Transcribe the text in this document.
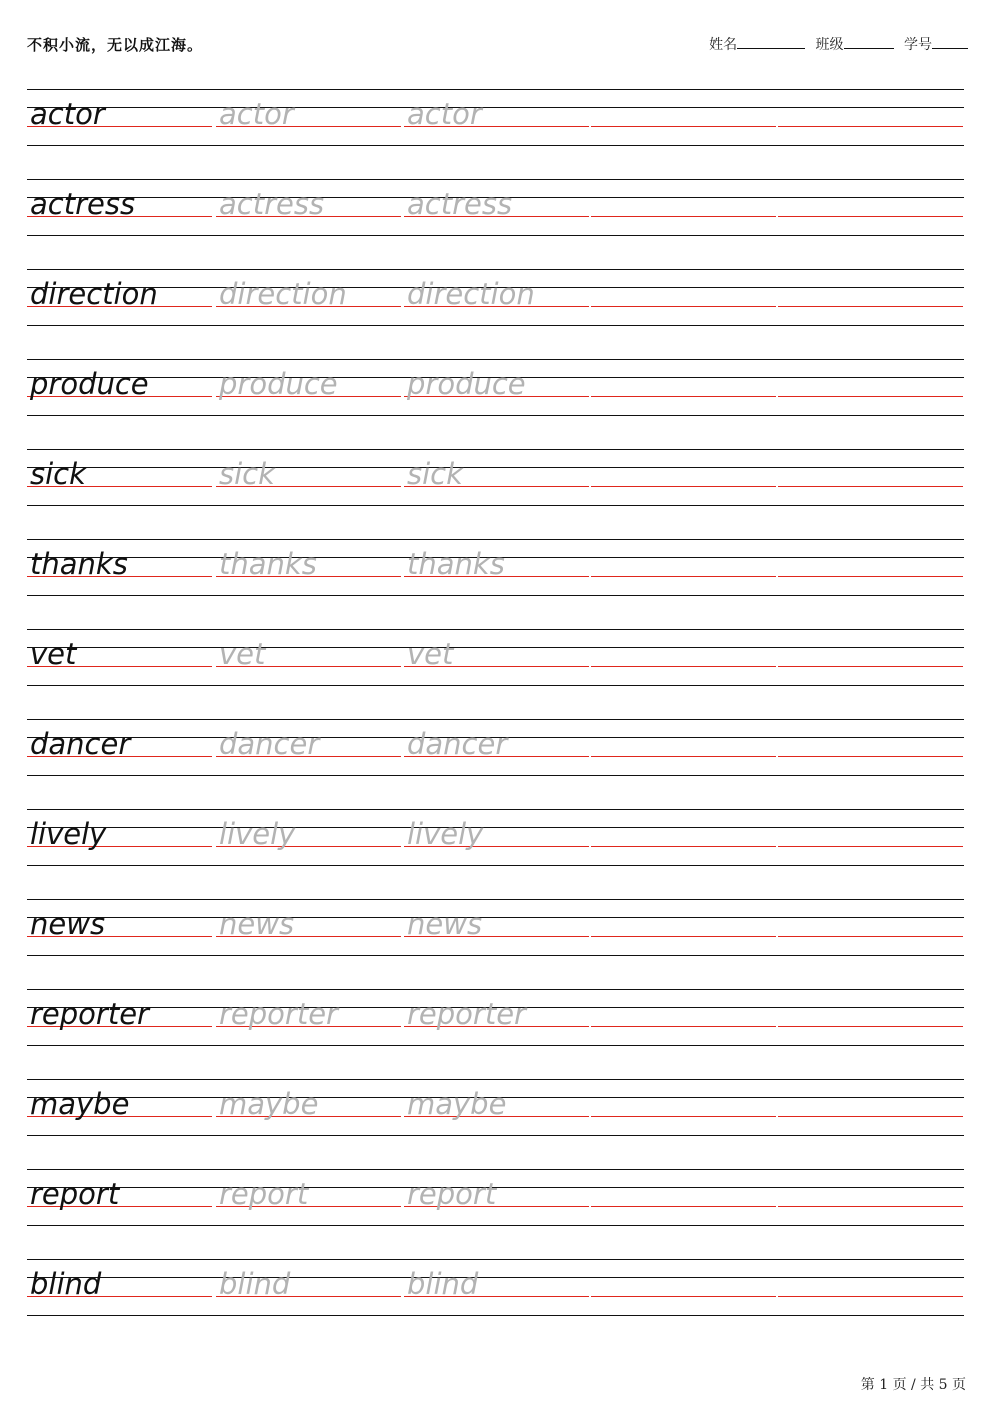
不积小流，无以成江海。	姓名	班级	学号
actor	actor	actor
actress	actress	actress
direction direction direction
produce produce produce
sick	sick	sick
thanks	thanks	thanks
vet	vet	vet
dancer	dancer	dancer
lively	lively	lively
news	news	news
reporter reporter reporter
maybe	maybe	maybe
report	report	report
blind	blind	blind
第 1 页 / 共 5 页
